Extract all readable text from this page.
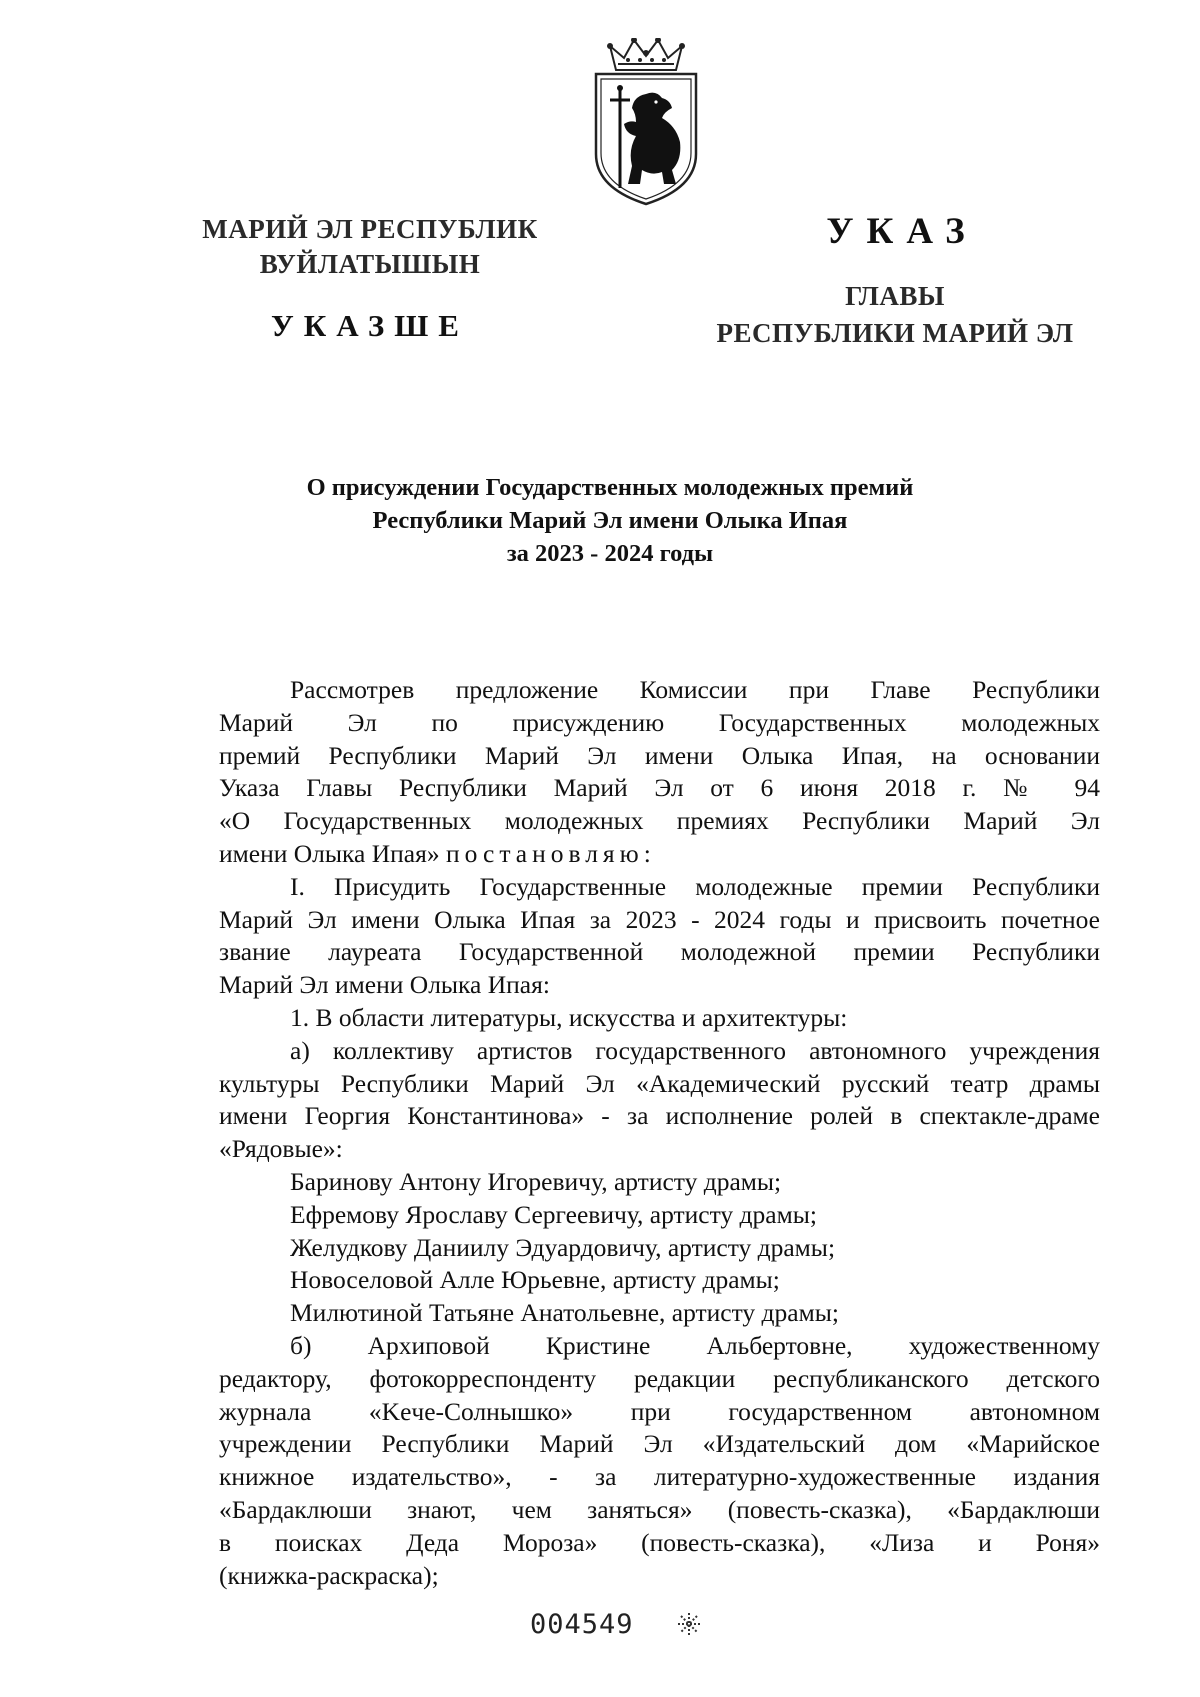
МАРИЙ ЭЛ РЕСПУБЛИК
ВУЙЛАТЫШЫН
УКАЗШЕ
УКАЗ
ГЛАВЫ
РЕСПУБЛИКИ МАРИЙ ЭЛ
О присуждении Государственных молодежных премий
Республики Марий Эл имени Олыка Ипая
за 2023 - 2024 годы

Рассмотрев предложение Комиссии при Главе Республики

Марий Эл по присуждению Государственных молодежных

премий Республики Марий Эл имени Олыка Ипая, на основании

Указа Главы Республики Марий Эл от 6 июня 2018 г. № 94

«О Государственных молодежных премиях Республики Марий Эл

имени Олыка Ипая» постановляю:

I. Присудить Государственные молодежные премии Республики

Марий Эл имени Олыка Ипая за 2023 - 2024 годы и присвоить почетное

звание лауреата Государственной молодежной премии Республики

Марий Эл имени Олыка Ипая:

1. В области литературы, искусства и архитектуры:

а) коллективу артистов государственного автономного учреждения

культуры Республики Марий Эл «Академический русский театр драмы

имени Георгия Константинова» - за исполнение ролей в спектакле-драме

«Рядовые»:

Баринову Антону Игоревичу, артисту драмы;

Ефремову Ярославу Сергеевичу, артисту драмы;

Желудкову Даниилу Эдуардовичу, артисту драмы;

Новоселовой Алле Юрьевне, артисту драмы;

Милютиной Татьяне Анатольевне, артисту драмы;

б) Архиповой Кристине Альбертовне, художественному

редактору, фотокорреспонденту редакции республиканского детского

журнала «Keче-Солнышко» при государственном автономном

учреждении Республики Марий Эл «Издательский дом «Марийское

книжное издательство», - за литературно-художественные издания

«Бардаклюши знают, чем заняться» (повесть-сказка), «Бардаклюши

в поисках Деда Мороза» (повесть-сказка), «Лиза и Роня»

(книжка-раскраска);

004549
